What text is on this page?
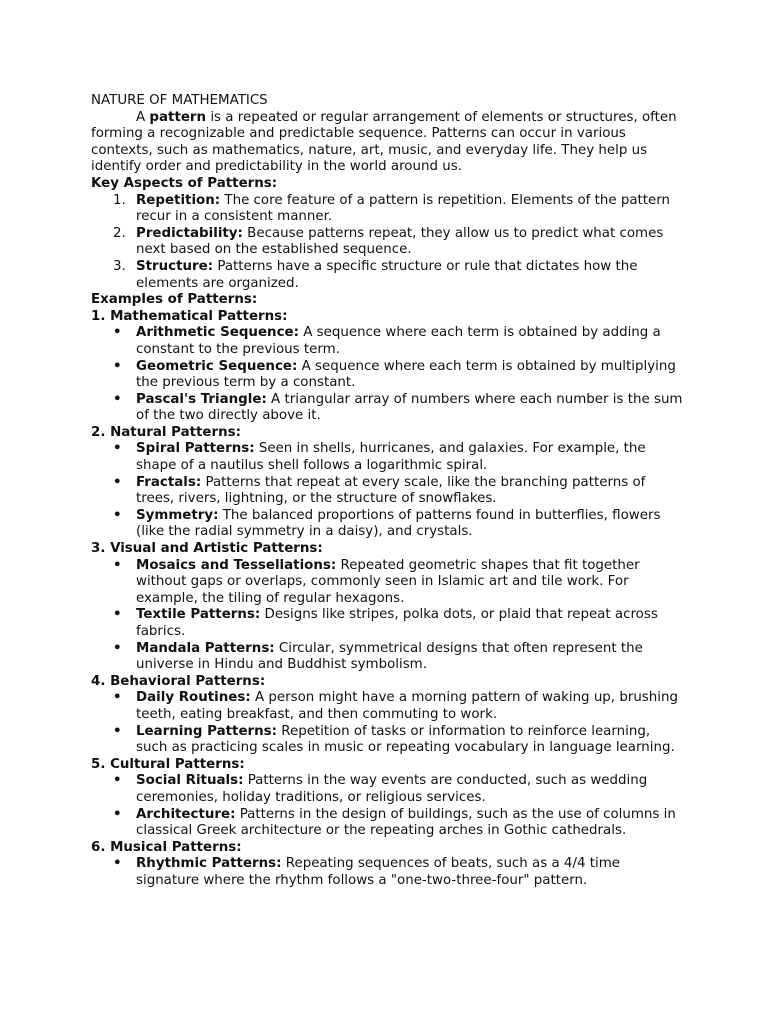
NATURE OF MATHEMATICS

A pattern is a repeated or regular arrangement of elements or structures, often forming a recognizable and predictable sequence. Patterns can occur in various contexts, such as mathematics, nature, art, music, and everyday life. They help us identify order and predictability in the world around us.

Key Aspects of Patterns:
1. Repetition: The core feature of a pattern is repetition. Elements of the pattern recur in a consistent manner.
2. Predictability: Because patterns repeat, they allow us to predict what comes next based on the established sequence.
3. Structure: Patterns have a specific structure or rule that dictates how the elements are organized.
Examples of Patterns:
1. Mathematical Patterns:
• Arithmetic Sequence: A sequence where each term is obtained by adding a constant to the previous term.
• Geometric Sequence: A sequence where each term is obtained by multiplying the previous term by a constant.
• Pascal's Triangle: A triangular array of numbers where each number is the sum of the two directly above it.
2. Natural Patterns:
• Spiral Patterns: Seen in shells, hurricanes, and galaxies. For example, the shape of a nautilus shell follows a logarithmic spiral.
• Fractals: Patterns that repeat at every scale, like the branching patterns of trees, rivers, lightning, or the structure of snowflakes.
• Symmetry: The balanced proportions of patterns found in butterflies, flowers (like the radial symmetry in a daisy), and crystals.
3. Visual and Artistic Patterns:
• Mosaics and Tessellations: Repeated geometric shapes that fit together without gaps or overlaps, commonly seen in Islamic art and tile work. For example, the tiling of regular hexagons.
• Textile Patterns: Designs like stripes, polka dots, or plaid that repeat across fabrics.
• Mandala Patterns: Circular, symmetrical designs that often represent the universe in Hindu and Buddhist symbolism.
4. Behavioral Patterns:
• Daily Routines: A person might have a morning pattern of waking up, brushing teeth, eating breakfast, and then commuting to work.
• Learning Patterns: Repetition of tasks or information to reinforce learning, such as practicing scales in music or repeating vocabulary in language learning.
5. Cultural Patterns:
• Social Rituals: Patterns in the way events are conducted, such as wedding ceremonies, holiday traditions, or religious services.
• Architecture: Patterns in the design of buildings, such as the use of columns in classical Greek architecture or the repeating arches in Gothic cathedrals.
6. Musical Patterns:
• Rhythmic Patterns: Repeating sequences of beats, such as a 4/4 time signature where the rhythm follows a "one-two-three-four" pattern.
